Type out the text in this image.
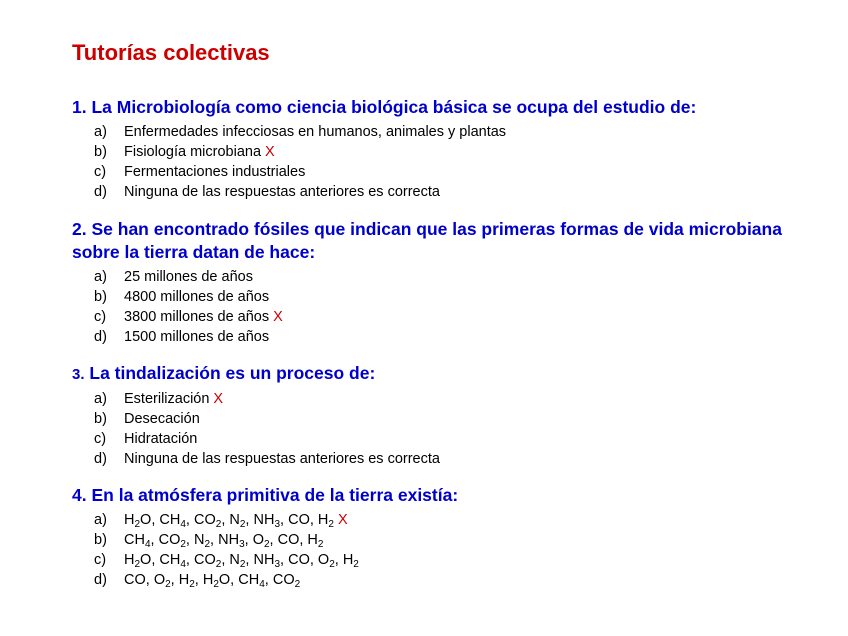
Tutorías colectivas

1. La Microbiología como ciencia biológica básica se ocupa del estudio de:

a)	Enfermedades infecciosas en humanos, animales y plantas
b)	Fisiología microbiana X
c)	Fermentaciones industriales
d)	Ninguna de las respuestas anteriores es correcta

2. Se han encontrado fósiles que indican que las primeras formas de vida microbiana sobre la tierra datan de hace:

a)	25 millones de años
b)	4800 millones de años
c)	3800 millones de años X
d)	1500 millones de años

3. La tindalización es un proceso de:

a)	Esterilización X
b)	Desecación
c)	Hidratación
d)	Ninguna de las respuestas anteriores es correcta

4. En la atmósfera primitiva de la tierra existía:

a)	$H_2O$, $CH_4$, $CO_2$, $N_2$, $NH_3$, CO, $H_2$ X
b)	$CH_4$, $CO_2$, $N_2$, $NH_3$, $O_2$, CO, $H_2$
c)	$H_2O$, $CH_4$, $CO_2$, $N_2$, $NH_3$, CO, $O_2$, $H_2$
d)	CO, $O_2$, $H_2$, $H_2O$, $CH_4$, $CO_2$
